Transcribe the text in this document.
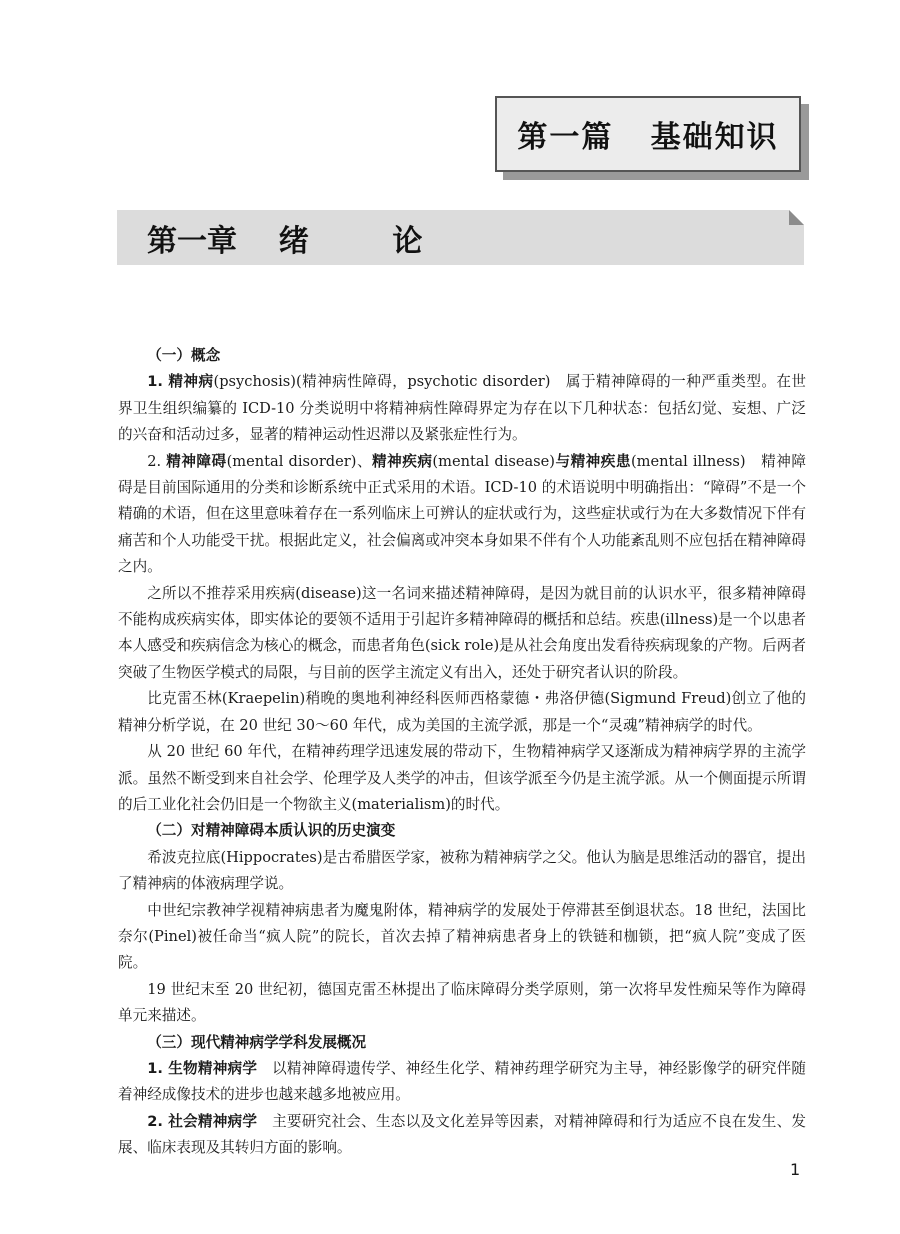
第一篇   基础知识
第一章    绪        论
（一）概念

1. 精神病(psychosis)(精神病性障碍，psychotic disorder)　属于精神障碍的一种严重类型。在世界卫生组织编纂的 ICD-10 分类说明中将精神病性障碍界定为存在以下几种状态：包括幻觉、妄想、广泛的兴奋和活动过多，显著的精神运动性迟滞以及紧张症性行为。

2. 精神障碍(mental disorder)、精神疾病(mental disease)与精神疾患(mental illness)　精神障碍是目前国际通用的分类和诊断系统中正式采用的术语。ICD-10 的术语说明中明确指出：“障碍”不是一个精确的术语，但在这里意味着存在一系列临床上可辨认的症状或行为，这些症状或行为在大多数情况下伴有痛苦和个人功能受干扰。根据此定义，社会偏离或冲突本身如果不伴有个人功能紊乱则不应包括在精神障碍之内。

之所以不推荐采用疾病(disease)这一名词来描述精神障碍，是因为就目前的认识水平，很多精神障碍不能构成疾病实体，即实体论的要领不适用于引起许多精神障碍的概括和总结。疾患(illness)是一个以患者本人感受和疾病信念为核心的概念，而患者角色(sick role)是从社会角度出发看待疾病现象的产物。后两者突破了生物医学模式的局限，与目前的医学主流定义有出入，还处于研究者认识的阶段。

比克雷丕林(Kraepelin)稍晚的奥地利神经科医师西格蒙德・弗洛伊德(Sigmund Freud)创立了他的精神分析学说，在 20 世纪 30～60 年代，成为美国的主流学派，那是一个“灵魂”精神病学的时代。

从 20 世纪 60 年代，在精神药理学迅速发展的带动下，生物精神病学又逐渐成为精神病学界的主流学派。虽然不断受到来自社会学、伦理学及人类学的冲击，但该学派至今仍是主流学派。从一个侧面提示所谓的后工业化社会仍旧是一个物欲主义(materialism)的时代。

（二）对精神障碍本质认识的历史演变

希波克拉底(Hippocrates)是古希腊医学家，被称为精神病学之父。他认为脑是思维活动的器官，提出了精神病的体液病理学说。

中世纪宗教神学视精神病患者为魔鬼附体，精神病学的发展处于停滞甚至倒退状态。18 世纪，法国比奈尔(Pinel)被任命当“疯人院”的院长，首次去掉了精神病患者身上的铁链和枷锁，把“疯人院”变成了医院。

19 世纪末至 20 世纪初，德国克雷丕林提出了临床障碍分类学原则，第一次将早发性痴呆等作为障碍单元来描述。

（三）现代精神病学学科发展概况

1. 生物精神病学　以精神障碍遗传学、神经生化学、精神药理学研究为主导，神经影像学的研究伴随着神经成像技术的进步也越来越多地被应用。

2. 社会精神病学　主要研究社会、生态以及文化差异等因素，对精神障碍和行为适应不良在发生、发展、临床表现及其转归方面的影响。

1
